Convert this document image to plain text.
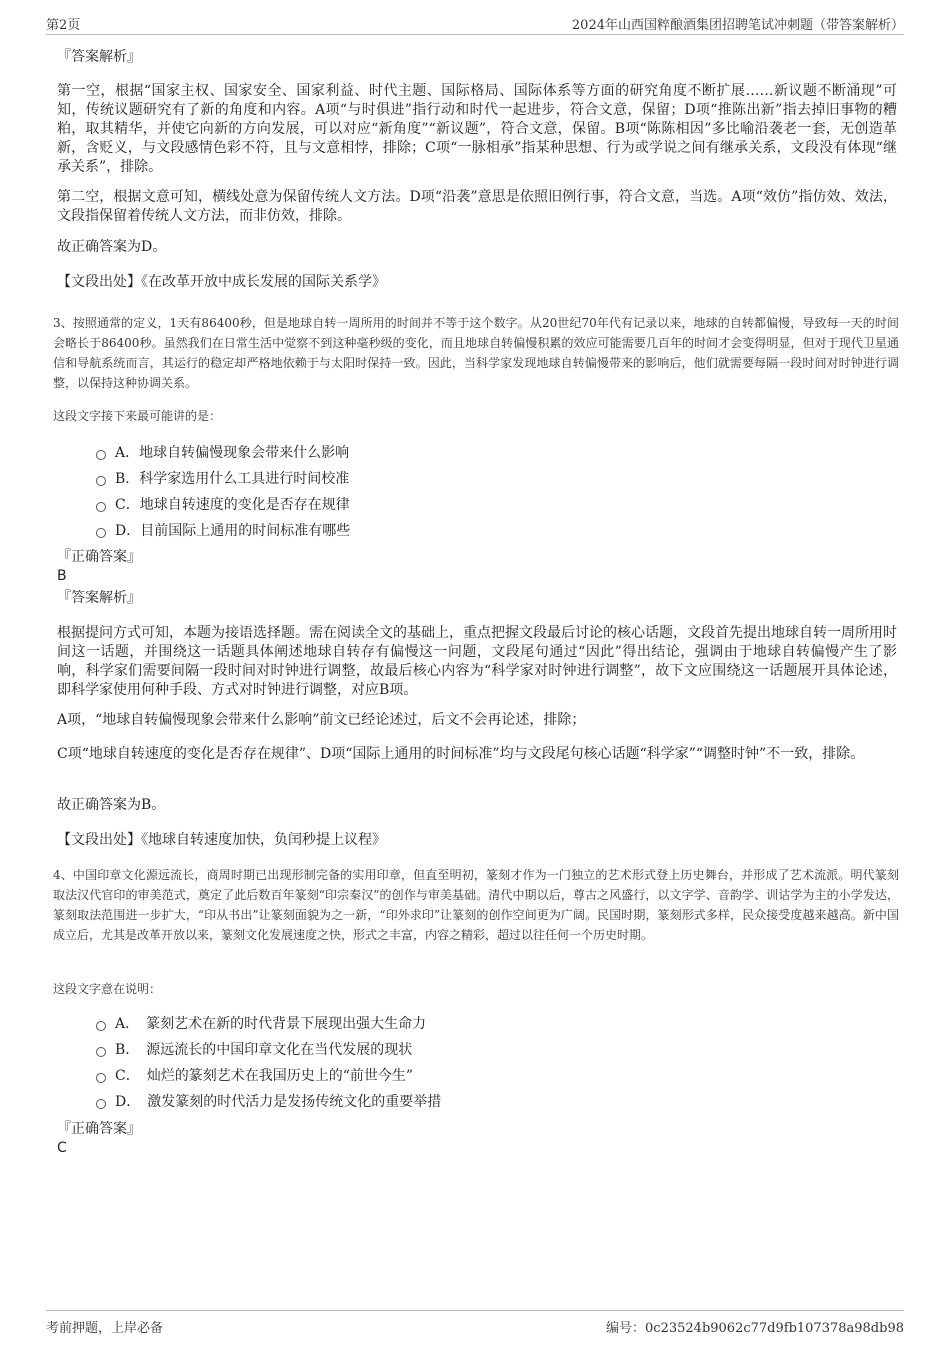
第2页	2024年山西国粹酿酒集团招聘笔试冲刺题（带答案解析）

『答案解析』

第一空，根据“国家主权、国家安全、国家利益、时代主题、国际格局、国际体系等方面的研究角度不断扩展……新议题不断涌现”可知，传统议题研究有了新的角度和内容。A项“与时俱进”指行动和时代一起进步，符合文意，保留；D项“推陈出新”指去掉旧事物的糟粕，取其精华，并使它向新的方向发展，可以对应“新角度”“新议题”，符合文意，保留。B项“陈陈相因”多比喻沿袭老一套，无创造革新，含贬义，与文段感情色彩不符，且与文意相悖，排除；C项“一脉相承”指某种思想、行为或学说之间有继承关系，文段没有体现“继承关系”，排除。

第二空，根据文意可知，横线处意为保留传统人文方法。D项“沿袭”意思是依照旧例行事，符合文意，当选。A项“效仿”指仿效、效法，文段指保留着传统人文方法，而非仿效，排除。

故正确答案为D。

【文段出处】《在改革开放中成长发展的国际关系学》

3、按照通常的定义，1天有86400秒，但是地球自转一周所用的时间并不等于这个数字。从20世纪70年代有记录以来，地球的自转都偏慢，导致每一天的时间会略长于86400秒。虽然我们在日常生活中觉察不到这种毫秒级的变化，而且地球自转偏慢积累的效应可能需要几百年的时间才会变得明显，但对于现代卫星通信和导航系统而言，其运行的稳定却严格地依赖于与太阳时保持一致。因此，当科学家发现地球自转偏慢带来的影响后，他们就需要每隔一段时间对时钟进行调整，以保持这种协调关系。

这段文字接下来最可能讲的是：

A．地球自转偏慢现象会带来什么影响
B．科学家选用什么工具进行时间校准
C．地球自转速度的变化是否存在规律
D．目前国际上通用的时间标准有哪些

『正确答案』

B

『答案解析』

根据提问方式可知，本题为接语选择题。需在阅读全文的基础上，重点把握文段最后讨论的核心话题，文段首先提出地球自转一周所用时间这一话题，并围绕这一话题具体阐述地球自转存有偏慢这一问题，文段尾句通过“因此”得出结论，强调由于地球自转偏慢产生了影响，科学家们需要间隔一段时间对时钟进行调整，故最后核心内容为“科学家对时钟进行调整”，故下文应围绕这一话题展开具体论述，即科学家使用何种手段、方式对时钟进行调整，对应B项。

A项，“地球自转偏慢现象会带来什么影响”前文已经论述过，后文不会再论述，排除；

C项“地球自转速度的变化是否存在规律”、D项“国际上通用的时间标准”均与文段尾句核心话题“科学家”“调整时钟”不一致，排除。

故正确答案为B。

【文段出处】《地球自转速度加快，负闰秒提上议程》

4、中国印章文化源远流长，商周时期已出现形制完备的实用印章，但直至明初，篆刻才作为一门独立的艺术形式登上历史舞台，并形成了艺术流派。明代篆刻取法汉代官印的审美范式，奠定了此后数百年篆刻“印宗秦汉”的创作与审美基础。清代中期以后，尊古之风盛行，以文字学、音韵学、训诂学为主的小学发达，篆刻取法范围进一步扩大，“印从书出”让篆刻面貌为之一新，“印外求印”让篆刻的创作空间更为广阔。民国时期，篆刻形式多样，民众接受度越来越高。新中国成立后，尤其是改革开放以来，篆刻文化发展速度之快，形式之丰富，内容之精彩，超过以往任何一个历史时期。

这段文字意在说明：

A．　篆刻艺术在新的时代背景下展现出强大生命力
B．　源远流长的中国印章文化在当代发展的现状
C．　灿烂的篆刻艺术在我国历史上的“前世今生”
D．　激发篆刻的时代活力是发扬传统文化的重要举措

『正确答案』

C

考前押题，上岸必备	编号：0c23524b9062c77d9fb107378a98db98
